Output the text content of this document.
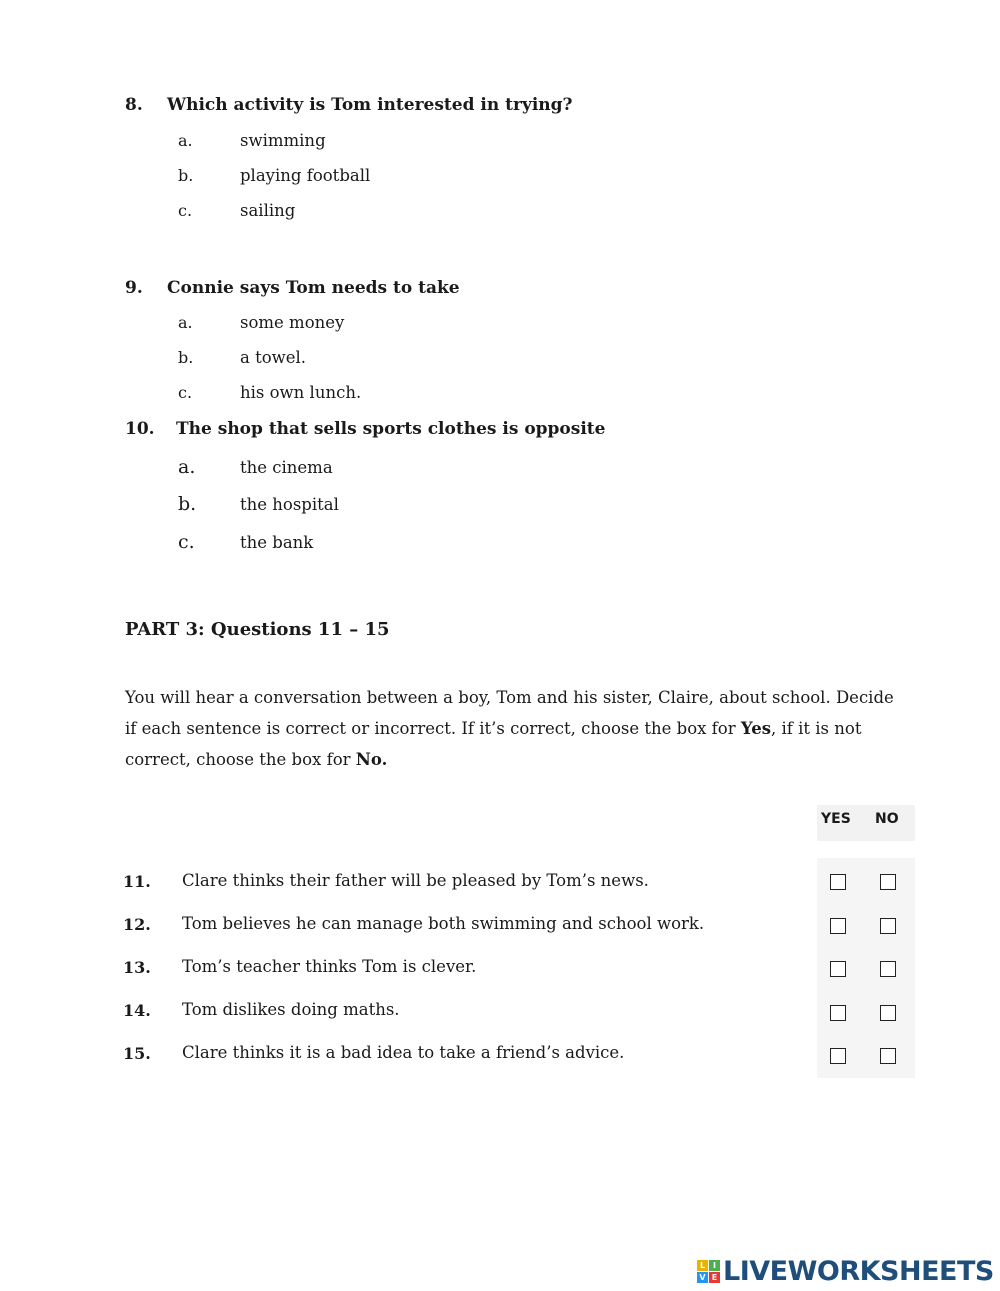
8. Which activity is Tom interested in trying?
a.	swimming
b.	playing football
c.	sailing
9. Connie says Tom needs to take
a.	some money
b.	a towel.
c.	his own lunch.
10. The shop that sells sports clothes is opposite
a.	the cinema
b.	the hospital
c.	the bank
PART 3: Questions 11 – 15
You will hear a conversation between a boy, Tom and his sister, Claire, about school. Decide if each sentence is correct or incorrect. If it’s correct, choose the box for Yes, if it is not correct, choose the box for No.
YES NO
11. Clare thinks their father will be pleased by Tom’s news.
12. Tom believes he can manage both swimming and school work.
13. Tom’s teacher thinks Tom is clever.
14. Tom dislikes doing maths.
15. Clare thinks it is a bad idea to take a friend’s advice.
L I
V E LIVEWORKSHEETS
